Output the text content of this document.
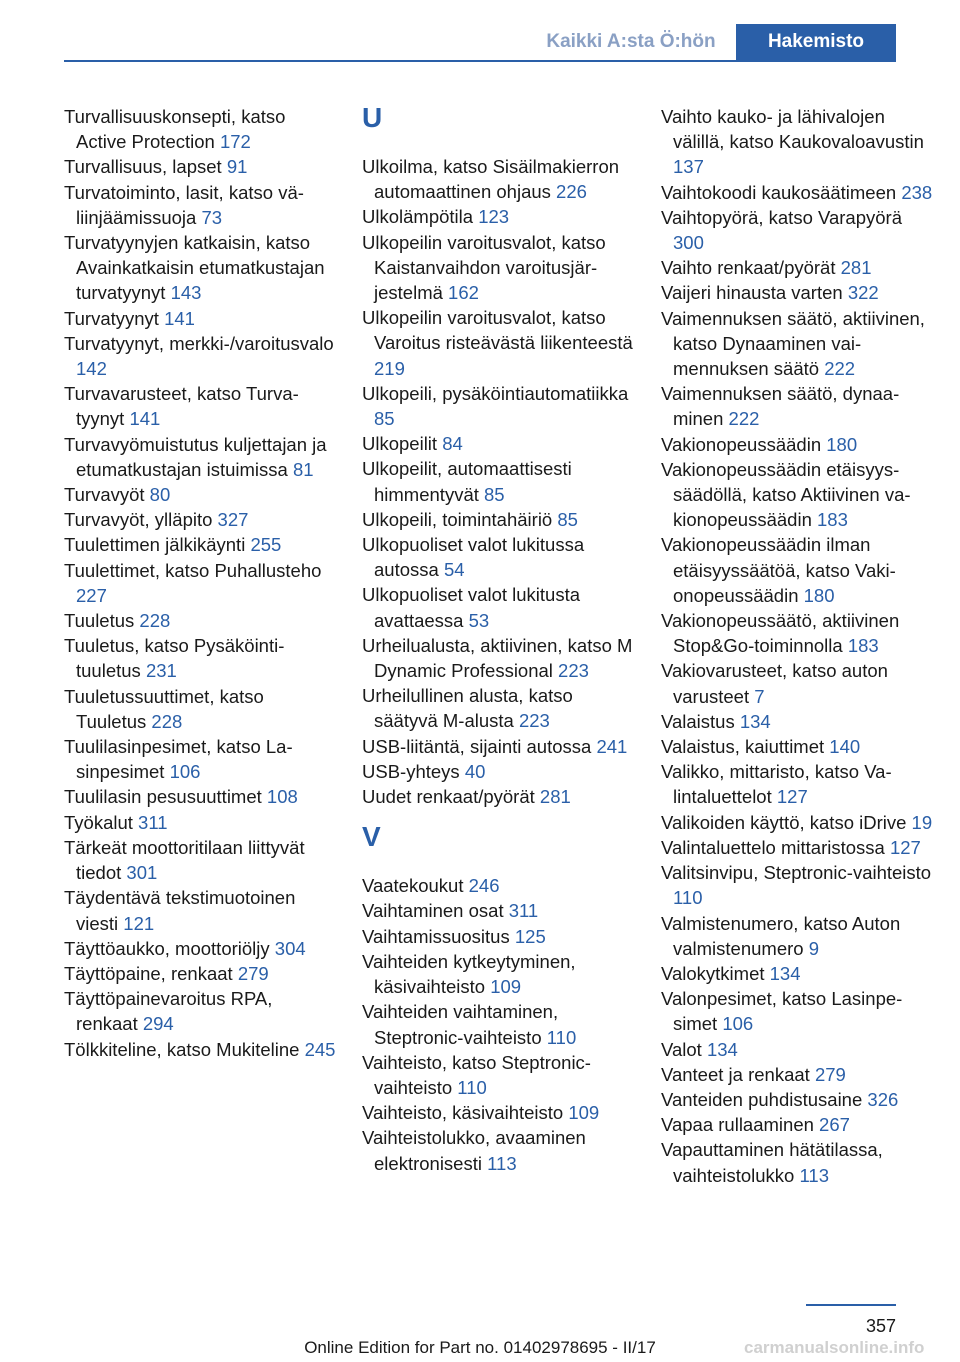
Kaikki A:sta Ö:hön	Hakemisto
Turvallisuuskonsepti, katso Active Protection 172
Turvallisuus, lapset 91
Turvatoiminto, lasit, katso väliinjäämissuoja 73
Turvatyynyjen katkaisin, katso Avainkatkaisin etumatkustajan turvatyynyt 143
Turvatyynyt 141
Turvatyynyt, merkki-/varoitusvalo 142
Turvavarusteet, katso Turvatyynyt 141
Turvavyömuistutus kuljettajan ja etumatkustajan istuimissa 81
Turvavyöt 80
Turvavyöt, ylläpito 327
Tuulettimen jälkikäynti 255
Tuulettimet, katso Puhallusteho 227
Tuuletus 228
Tuuletus, katso Pysäköintituuletus 231
Tuuletussuuttimet, katso Tuuletus 228
Tuulilasinpesimet, katso Lasinpesimet 106
Tuulilasin pesusuuttimet 108
Työkalut 311
Tärkeät moottoritilaan liittyvät tiedot 301
Täydentävä tekstimuotoinen viesti 121
Täyttöaukko, moottoriöljy 304
Täyttöpaine, renkaat 279
Täyttöpainevaroitus RPA, renkaat 294
Tölkkiteline, katso Mukiteline 245
U
Ulkoilma, katso Sisäilmakierron automaattinen ohjaus 226
Ulkolämpötila 123
Ulkopeilin varoitusvalot, katso Kaistanvaihdon varoitusjärjestelmä 162
Ulkopeilin varoitusvalot, katso Varoitus risteävästä liikenteestä 219
Ulkopeili, pysäköintiautomatiikka 85
Ulkopeilit 84
Ulkopeilit, automaattisesti himmentyvät 85
Ulkopeili, toimintahäiriö 85
Ulkopuoliset valot lukitussa autossa 54
Ulkopuoliset valot lukitusta avattaessa 53
Urheilualusta, aktiivinen, katso M Dynamic Professional 223
Urheilullinen alusta, katso säätyvä M-alusta 223
USB-liitäntä, sijainti autossa 241
USB-yhteys 40
Uudet renkaat/pyörät 281
V
Vaatekoukut 246
Vaihtaminen osat 311
Vaihtamissuositus 125
Vaihteiden kytkeytyminen, käsivaihteisto 109
Vaihteiden vaihtaminen, Steptronic-vaihteisto 110
Vaihteisto, katso Steptronic-vaihteisto 110
Vaihteisto, käsivaihteisto 109
Vaihteistolukko, avaaminen elektronisesti 113
Vaihto kauko- ja lähivalojen välillä, katso Kaukovaloavustin 137
Vaihtokoodi kaukosäätimeen 238
Vaihtopyörä, katso Varapyörä 300
Vaihto renkaat/pyörät 281
Vaijeri hinausta varten 322
Vaimennuksen säätö, aktiivinen, katso Dynaaminen vaimennuksen säätö 222
Vaimennuksen säätö, dynaaminen 222
Vakionopeussäädin 180
Vakionopeussäädin etäisyyssäädöllä, katso Aktiivinen vakionopeussäädin 183
Vakionopeussäädin ilman etäisyyssäätöä, katso Vakionopeussäädin 180
Vakionopeussäätö, aktiivinen Stop&Go-toiminnolla 183
Vakiovarusteet, katso auton varusteet 7
Valaistus 134
Valaistus, kaiuttimet 140
Valikko, mittaristo, katso Valintaluettelot 127
Valikoiden käyttö, katso iDrive 19
Valintaluettelo mittaristossa 127
Valitsinvipu, Steptronic-vaihteisto 110
Valmistenumero, katso Auton valmistenumero 9
Valokytkimet 134
Valonpesimet, katso Lasinpesimet 106
Valot 134
Vanteet ja renkaat 279
Vanteiden puhdistusaine 326
Vapaa rullaaminen 267
Vapauttaminen hätätilassa, vaihteistolukko 113
357
Online Edition for Part no. 01402978695 - II/17	carmanualsonline.info
